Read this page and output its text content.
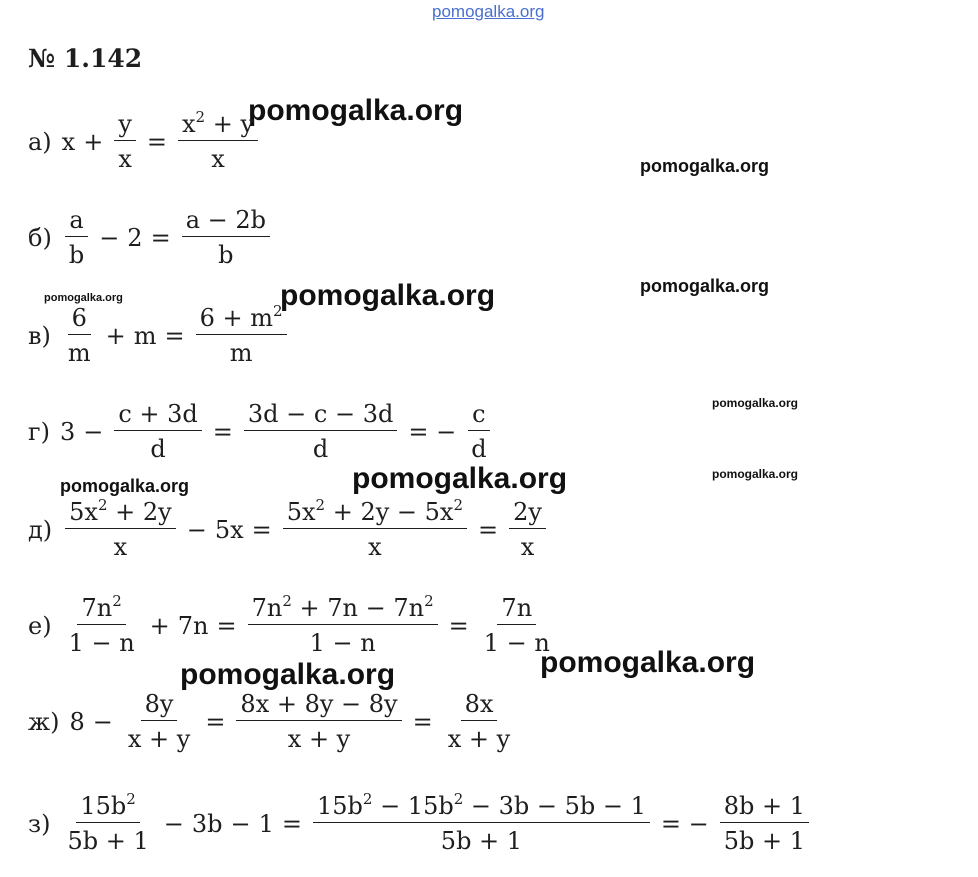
pomogalka.org
pomogalka.org
pomogalka.org
pomogalka.org
pomogalka.org	pomogalka.org
pomogalka.org
pomogalka.org	pomogalka.org	pomogalka.org
pomogalka.org
pomogalka.org
№ 1.142
а) $x + \frac{y}{x} = \frac{x^2 + y}{x}$
$б) \frac{a}{b} - 2 = \frac{a - 2b}{b}$
$в) \frac{6}{m} + m = \frac{6 + m^2}{m}$
г) $3 - \frac{c + 3d}{d} = \frac{3d - c - 3d}{d}$ = − $\frac{c}{d}$
$д) \frac{5x^2 + 2y}{x} - 5x = \frac{5x^2 + 2y - 5x^2}{x} = \frac{2y}{x}$
$е) \frac{7n^2}{1 - n} + 7n = \frac{7n^2 + 7n - 7n^2}{1 - n} = \frac{7n}{1 - n}$
ж) $8 - \frac{8y}{x + y} = \frac{8x + 8y - 8y}{x + y} = \frac{8x}{x + y}$
$з) \frac{15b^2}{5b + 1} - 3b - 1 = \frac{15b^2 - 15b^2 - 3b - 5b - 1}{5b + 1}$ = − $\frac{8b + 1}{5b + 1}$
